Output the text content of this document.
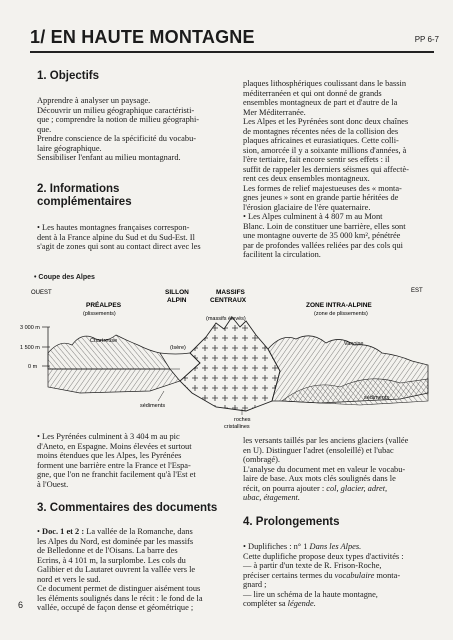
1/ EN HAUTE MONTAGNE	PP 6-7
1. Objectifs

Apprendre à analyser un paysage.

Découvrir un milieu géographique caractéristi-

que ; comprendre la notion de milieu géographi-

que.

Prendre conscience de la spécificité du vocabu-

laire géographique.

Sensibiliser l'enfant au milieu montagnard.

2. Informations
complémentaires

• Les hautes montagnes françaises correspon-

dent à la France alpine du Sud et du Sud-Est. Il

s'agit de zones qui sont au contact direct avec les

plaques lithosphériques coulissant dans le bassin

méditerranéen et qui ont donné de grands

ensembles montagneux de part et d'autre de la

Mer Méditerranée.

Les Alpes et les Pyrénées sont donc deux chaînes

de montagnes récentes nées de la collision des

plaques africaines et eurasiatiques. Cette colli-

sion, amorcée il y a soixante millions d'années, à

l'ère tertiaire, fait encore sentir ses effets : il

suffit de rappeler les derniers séismes qui affectè-

rent ces deux ensembles montagneux.

Les formes de relief majestueuses des « monta-

gnes jeunes » sont en grande partie héritées de

l'érosion glaciaire de l'ère quaternaire.

• Les Alpes culminent à 4 807 m au Mont

Blanc. Loin de constituer une barrière, elles sont

une montagne ouverte de 35 000 km², pénétrée

par de profondes vallées reliées par des cols qui

facilitent la circulation.

• Coupe des Alpes
OUEST	EST
PRÉALPES
(plissements)
SILLON
ALPIN
MASSIFS
CENTRAUX
(massifs élevés)
ZONE INTRA-ALPINE
(zone de plissements)
3 000 m
1 500 m
0 m
Chartreuse
(Isère)
Vanoise
sédiments
roches
cristallines
sédiments

• Les Pyrénées culminent à 3 404 m au pic

d'Aneto, en Espagne. Moins élevées et surtout

moins étendues que les Alpes, les Pyrénées

forment une barrière entre la France et l'Espa-

gne, que l'on ne franchit facilement qu'à l'Est et

à l'Ouest.

3. Commentaires des documents

• Doc. 1 et 2 : La vallée de la Romanche, dans

les Alpes du Nord, est dominée par les massifs

de Belledonne et de l'Oisans. La barre des

Ecrins, à 4 101 m, la surplombe. Les cols du

Galibier et du Lautaret ouvrent la vallée vers le

nord et vers le sud.

Ce document permet de distinguer aisément tous

les éléments soulignés dans le récit : le fond de la

vallée, occupé de façon dense et géométrique ;

les versants taillés par les anciens glaciers (vallée

en U). Distinguer l'adret (ensoleillé) et l'ubac

(ombragé).

L'analyse du document met en valeur le vocabu-

laire de base. Aux mots clés soulignés dans le

récit, on pourra ajouter : col, glacier, adret,

ubac, étagement.

4. Prolongements

• Duplifiches : n° 1 Dans les Alpes.

Cette duplifiche propose deux types d'activités :

— à partir d'un texte de R. Frison-Roche,

préciser certains termes du vocabulaire monta-

gnard ;

— lire un schéma de la haute montagne,

compléter sa légende.

6
